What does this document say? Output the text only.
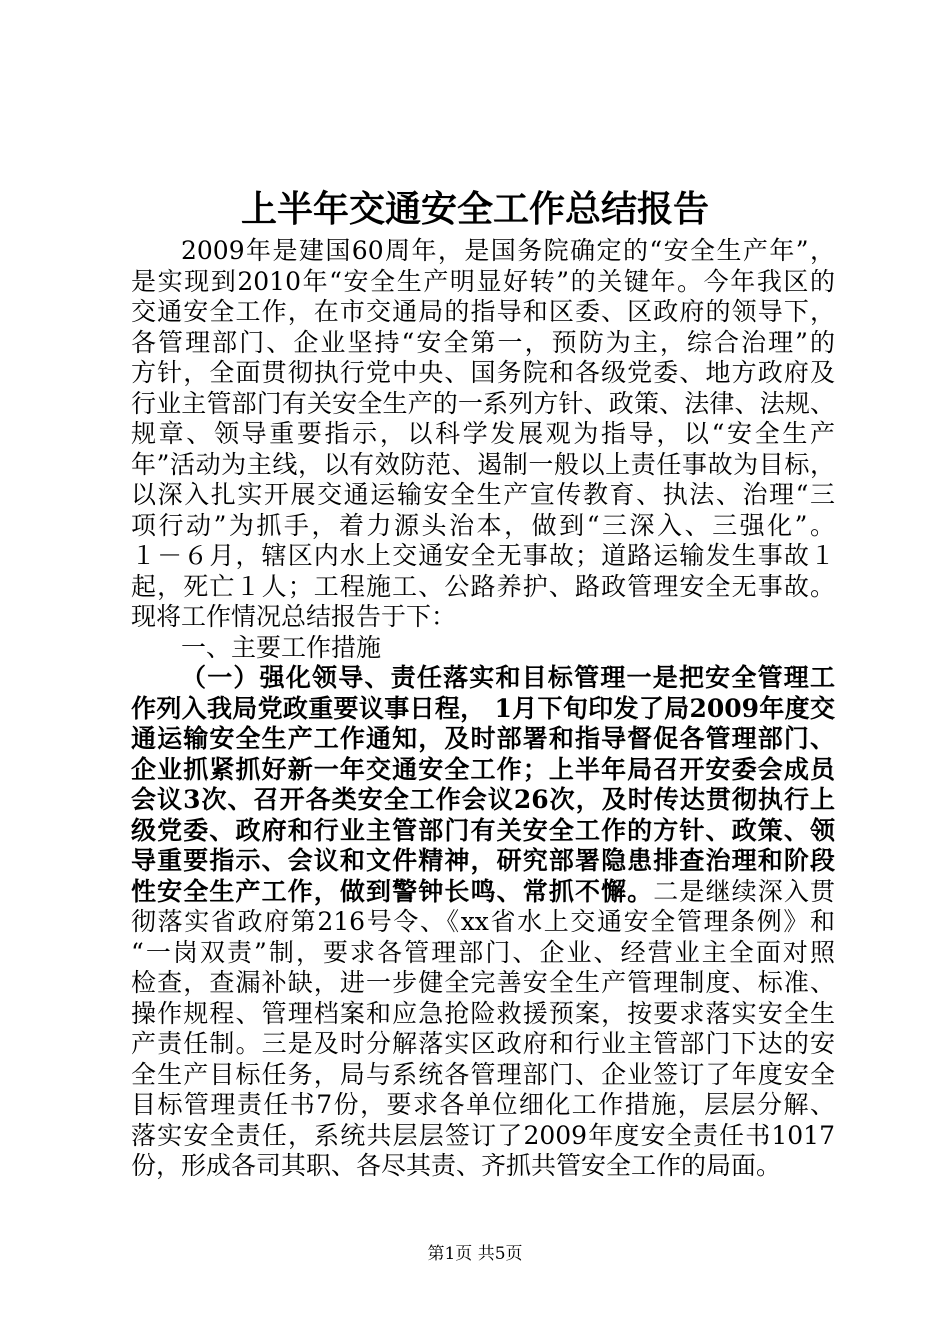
上半年交通安全工作总结报告
2009年是建国60周年，是国务院确定的“安全生产年”，
是实现到2010年“安全生产明显好转”的关键年。今年我区的
交通安全工作，在市交通局的指导和区委、区政府的领导下，
各管理部门、企业坚持“安全第一，预防为主，综合治理”的
方针，全面贯彻执行党中央、国务院和各级党委、地方政府及
行业主管部门有关安全生产的一系列方针、政策、法律、法规、
规章、领导重要指示，以科学发展观为指导，以“安全生产
年”活动为主线，以有效防范、遏制一般以上责任事故为目标，
以深入扎实开展交通运输安全生产宣传教育、执法、治理“三
项行动”为抓手，着力源头治本，做到“三深入、三强化”。
１－６月，辖区内水上交通安全无事故；道路运输发生事故１
起，死亡１人；工程施工、公路养护、路政管理安全无事故。
现将工作情况总结报告于下：
一、主要工作措施
（一）强化领导、责任落实和目标管理一是把安全管理工
作列入我局党政重要议事日程， 1月下旬印发了局2009年度交
通运输安全生产工作通知，及时部署和指导督促各管理部门、
企业抓紧抓好新一年交通安全工作；上半年局召开安委会成员
会议3次、召开各类安全工作会议26次，及时传达贯彻执行上
级党委、政府和行业主管部门有关安全工作的方针、政策、领
导重要指示、会议和文件精神，研究部署隐患排查治理和阶段
性安全生产工作，做到警钟长鸣、常抓不懈。二是继续深入贯
彻落实省政府第216号令、《xx省水上交通安全管理条例》和
“一岗双责”制，要求各管理部门、企业、经营业主全面对照
检查，查漏补缺，进一步健全完善安全生产管理制度、标准、
操作规程、管理档案和应急抢险救援预案，按要求落实安全生
产责任制。三是及时分解落实区政府和行业主管部门下达的安
全生产目标任务，局与系统各管理部门、企业签订了年度安全
目标管理责任书7份，要求各单位细化工作措施，层层分解、
落实安全责任，系统共层层签订了2009年度安全责任书1017
份，形成各司其职、各尽其责、齐抓共管安全工作的局面。
第1页 共5页
